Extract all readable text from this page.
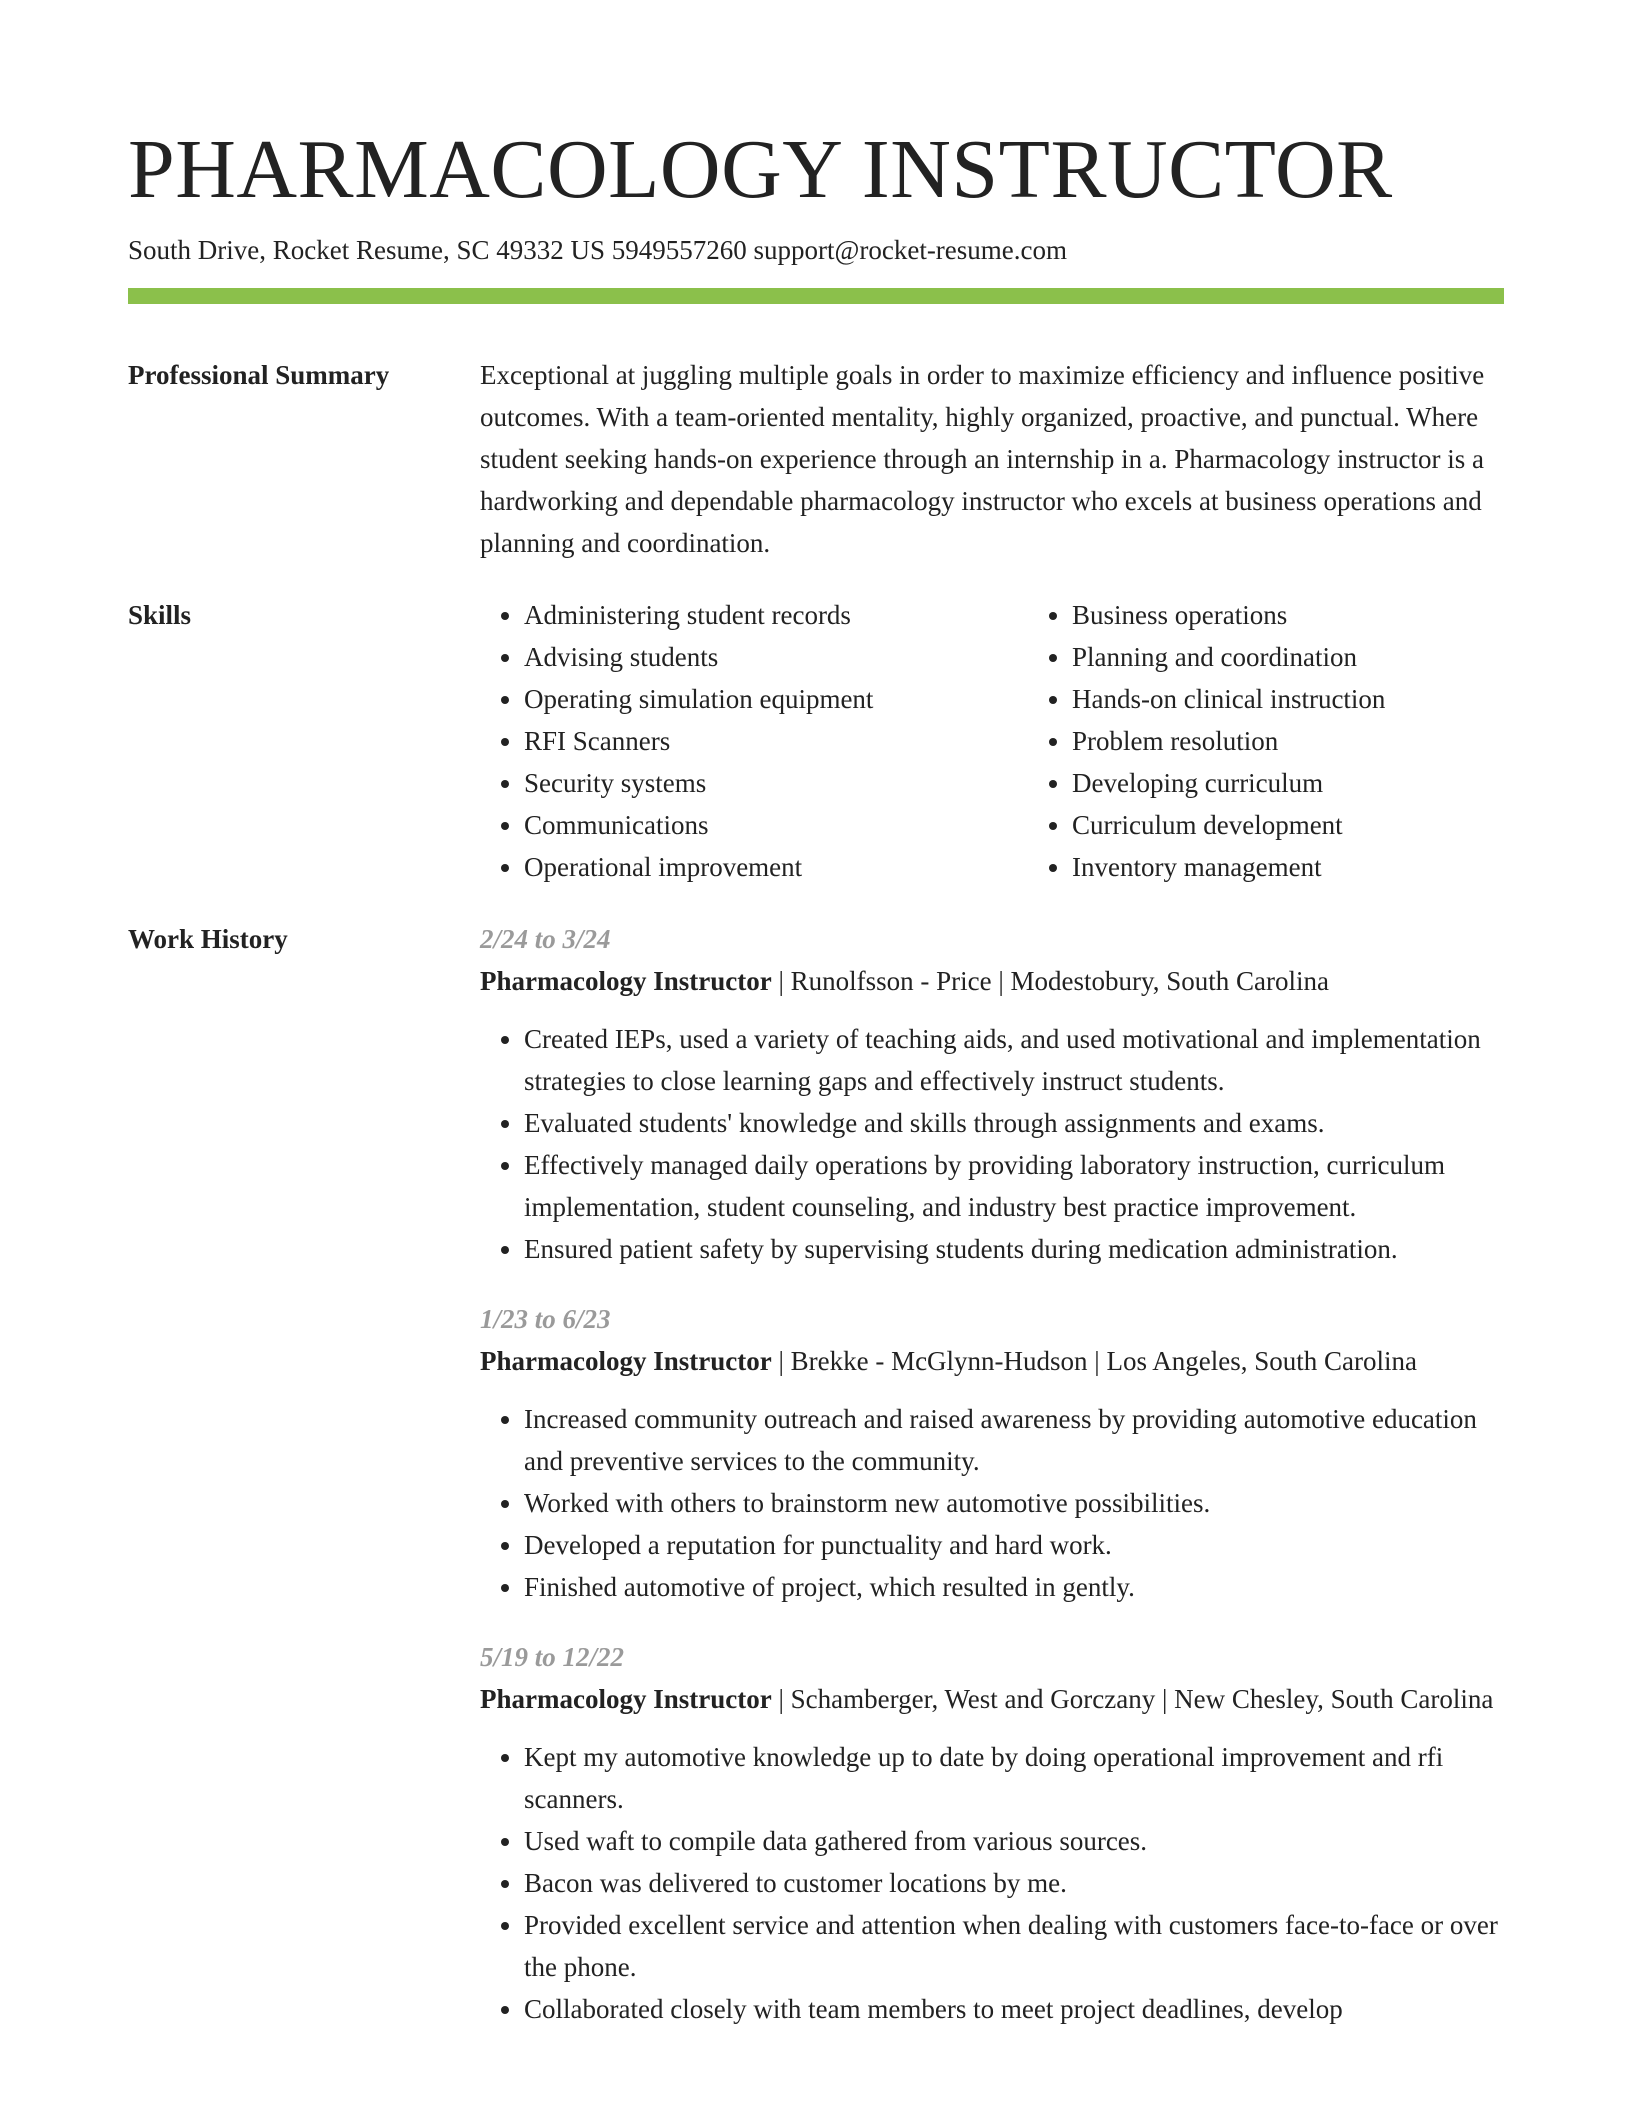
PHARMACOLOGY INSTRUCTOR
South Drive, Rocket Resume, SC 49332 US 5949557260 support@rocket-resume.com
Professional Summary	Exceptional at juggling multiple goals in order to maximize efficiency and influence positive outcomes. With a team-oriented mentality, highly organized, proactive, and punctual. Where student seeking hands-on experience through an internship in a. Pharmacology instructor is a hardworking and dependable pharmacology instructor who excels at business operations and planning and coordination.

Skills
•	Administering student records
• Advising students
• Operating simulation equipment
• RFI Scanners
• Security systems
• Communications
• Operational improvement
• Business operations
• Planning and coordination
• Hands-on clinical instruction
• Problem resolution
• Developing curriculum
• Curriculum development
• Inventory management
Work History	2/24 to 3/24
Pharmacology Instructor | Runolfsson - Price | Modestobury, South Carolina
• Created IEPs, used a variety of teaching aids, and used motivational and implementation strategies to close learning gaps and effectively instruct students.
• Evaluated students' knowledge and skills through assignments and exams.
• Effectively managed daily operations by providing laboratory instruction, curriculum implementation, student counseling, and industry best practice improvement.
• Ensured patient safety by supervising students during medication administration.
1/23 to 6/23
Pharmacology Instructor | Brekke - McGlynn-Hudson | Los Angeles, South Carolina
• Increased community outreach and raised awareness by providing automotive education and preventive services to the community.
• Worked with others to brainstorm new automotive possibilities.
• Developed a reputation for punctuality and hard work.
• Finished automotive of project, which resulted in gently.
5/19 to 12/22
Pharmacology Instructor | Schamberger, West and Gorczany | New Chesley, South Carolina
• Kept my automotive knowledge up to date by doing operational improvement and rfi scanners.
• Used waft to compile data gathered from various sources.
• Bacon was delivered to customer locations by me.
• Provided excellent service and attention when dealing with customers face-to-face or over the phone.
• Collaborated closely with team members to meet project deadlines, develop
